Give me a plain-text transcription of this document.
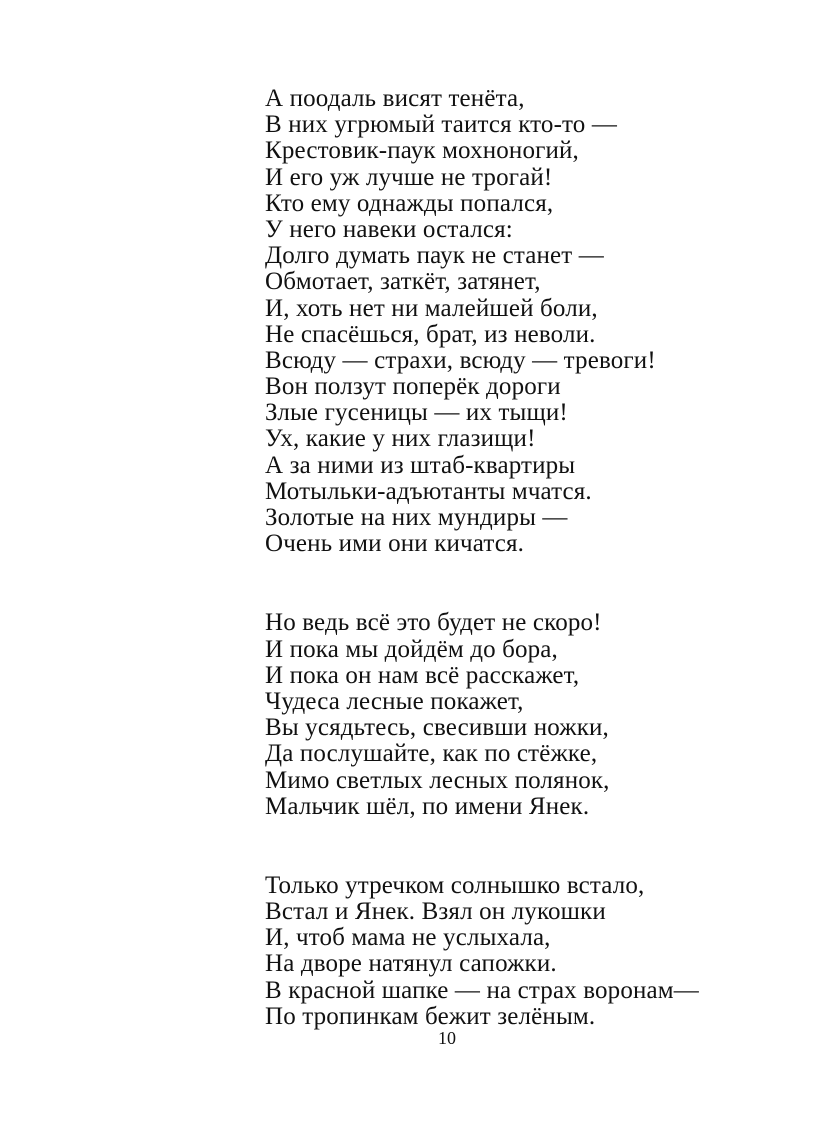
А поодаль висят тенёта,
В них угрюмый таится кто-то —
Крестовик-паук мохноногий,
И его уж лучше не трогай!
Кто ему однажды попался,
У него навеки остался:
Долго думать паук не станет —
Обмотает, заткёт, затянет,
И, хоть нет ни малейшей боли,
Не спасёшься, брат, из неволи.
Всюду — страхи, всюду — тревоги!
Вон ползут поперёк дороги
Злые гусеницы — их тыщи!
Ух, какие у них глазищи!
А за ними из штаб-квартиры
Мотыльки-адъютанты мчатся.
Золотые на них мундиры —
Очень ими они кичатся.
Но ведь всё это будет не скоро!
И пока мы дойдём до бора,
И пока он нам всё расскажет,
Чудеса лесные покажет,
Вы усядьтесь, свесивши ножки,
Да послушайте, как по стёжке,
Мимо светлых лесных полянок,
Мальчик шёл, по имени Янек.
Только утречком солнышко встало,
Встал и Янек. Взял он лукошки
И, чтоб мама не услыхала,
На дворе натянул сапожки.
В красной шапке — на страх воронам—
По тропинкам бежит зелёным.
10
